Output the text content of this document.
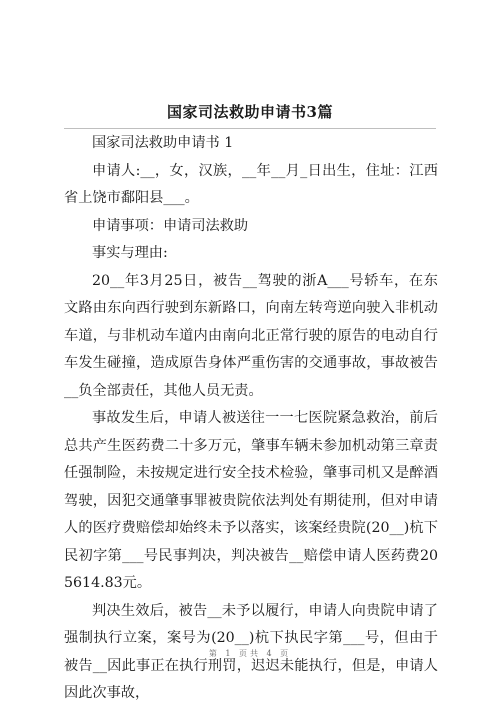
国家司法救助申请书3篇

国家司法救助申请书 1

申请人:__，女，汉族，__年__月_日出生，住址：江西省上饶市鄱阳县___。

申请事项：申请司法救助

事实与理由:

20__年3月25日，被告__驾驶的浙A___号轿车，在东文路由东向西行驶到东新路口，向南左转弯逆向驶入非机动车道，与非机动车道内由南向北正常行驶的原告的电动自行车发生碰撞，造成原告身体严重伤害的交通事故，事故被告__负全部责任，其他人员无责。

事故发生后，申请人被送往一一七医院紧急救治，前后总共产生医药费二十多万元，肇事车辆未参加机动第三章责任强制险，未按规定进行安全技术检验，肇事司机又是醉酒驾驶，因犯交通肇事罪被贵院依法判处有期徒刑，但对申请人的医疗费赔偿却始终未予以落实，该案经贵院(20__)杭下民初字第___号民事判决，判决被告__赔偿申请人医药费205614.83元。

判决生效后，被告__未予以履行，申请人向贵院申请了强制执行立案，案号为(20__)杭下执民字第___号，但由于被告__因此事正在执行刑罚，迟迟未能执行，但是，申请人因此次事故，

第 1 页共 4 页
